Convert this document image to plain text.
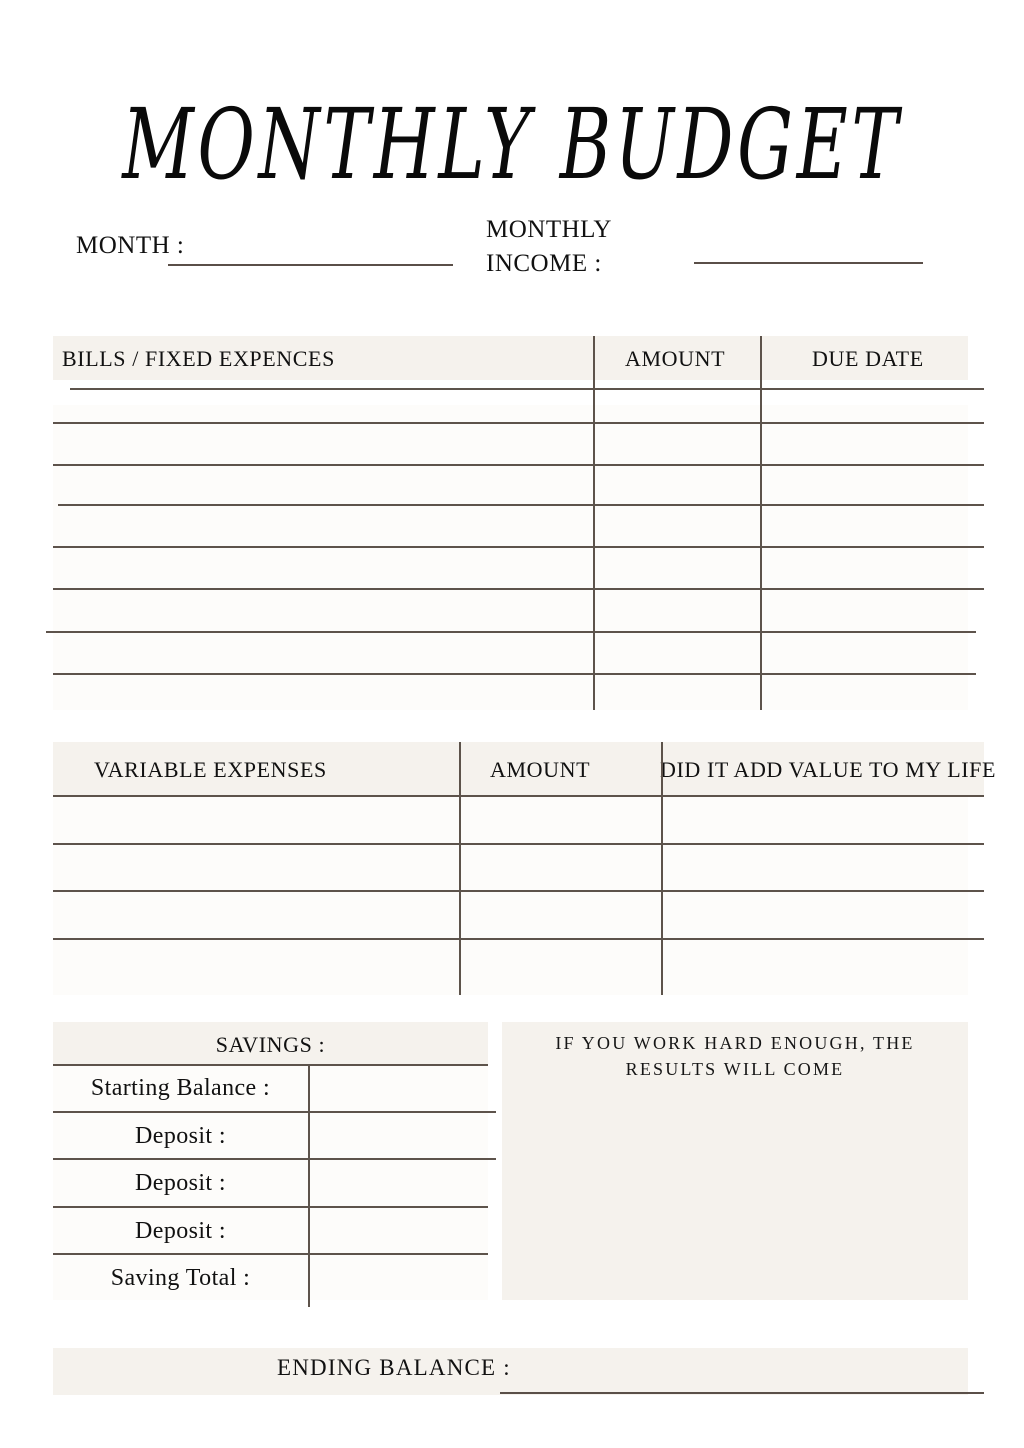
MONTHLY BUDGET
MONTH :
MONTHLY
INCOME :
BILLS / FIXED EXPENCES	AMOUNT	DUE DATE
VARIABLE EXPENSES	AMOUNT	DID IT ADD VALUE TO MY LIFE
SAVINGS :
Starting Balance :
Deposit :
Deposit :
Deposit :
Saving Total :
IF YOU WORK HARD ENOUGH, THE
RESULTS WILL COME
ENDING BALANCE :
